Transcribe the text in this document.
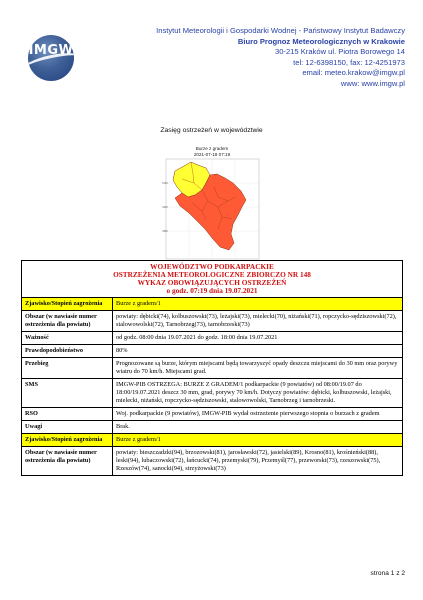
IMGW
Instytut Meteorologii i Gospodarki Wodnej - Państwowy Instytut Badawczy
Biuro Prognoz Meteorologicznych w Krakowie
30-215 Kraków ul. Piotra Borowego 14
tel: 12-6398150, fax: 12-4251973
email: meteo.krakow@imgw.pl
www: www.imgw.pl
Zasięg ostrzeżeń w województwie
Burze z gradem
2021-07-19 07:19
50N
49N
48N
WOJEWÓDZTWO PODKARPACKIE
OSTRZEŻENIA METEOROLOGICZNE ZBIORCZO NR 148
WYKAZ OBOWIĄZUJĄCYCH OSTRZEŻEŃ
o godz. 07:19 dnia 19.07.2021	

Zjawisko/Stopień zagrożenia	Burze z gradem/1
Obszar (w nawiasie numer ostrzeżenia dla powiatu)	powiaty: dębicki(74), kolbuszowski(73), leżajski(73), mielecki(70), niżański(71), ropczycko-sędziszowski(72), stalowowolski(72), Tarnobrzeg(73), tarnobrzeski(73)
Ważność	od godz. 08:00 dnia 19.07.2021 do godz. 18:00 dnia 19.07.2021
Prawdopodobieństwo	80%
Przebieg	Prognozowane są burze, którym miejscami będą towarzyszyć opady deszczu miejscami do 30 mm oraz porywy wiatru do 70 km/h. Miejscami grad.
SMS	IMGW-PIB OSTRZEGA: BURZE Z GRADEM/1 podkarpackie (9 powiatów) od 08:00/19.07 do 18:00/19.07.2021 deszcz 30 mm, grad, porywy 70 km/h. Dotyczy powiatów: dębicki, kolbuszowski, leżajski, mielecki, niżański, ropczycko-sędziszowski, stalowowolski, Tarnobrzeg i tarnobrzeski.
RSO	Woj. podkarpackie (9 powiatów), IMGW-PIB wydał ostrzeżenie pierwszego stopnia o burzach z gradem
Uwagi	Brak.
Zjawisko/Stopień zagrożenia	Burze z gradem/1
Obszar (w nawiasie numer ostrzeżenia dla powiatu)	powiaty: bieszczadzki(94), brzozowski(81), jarosławski(72), jasielski(89), Krosno(81), krośnieński(88), leski(94), lubaczowski(72), łańcucki(74), przemyski(79), Przemyśl(77), przeworski(73), rzeszowski(75), Rzeszów(74), sanocki(94), strzyżowski(73)
strona 1 z 2
